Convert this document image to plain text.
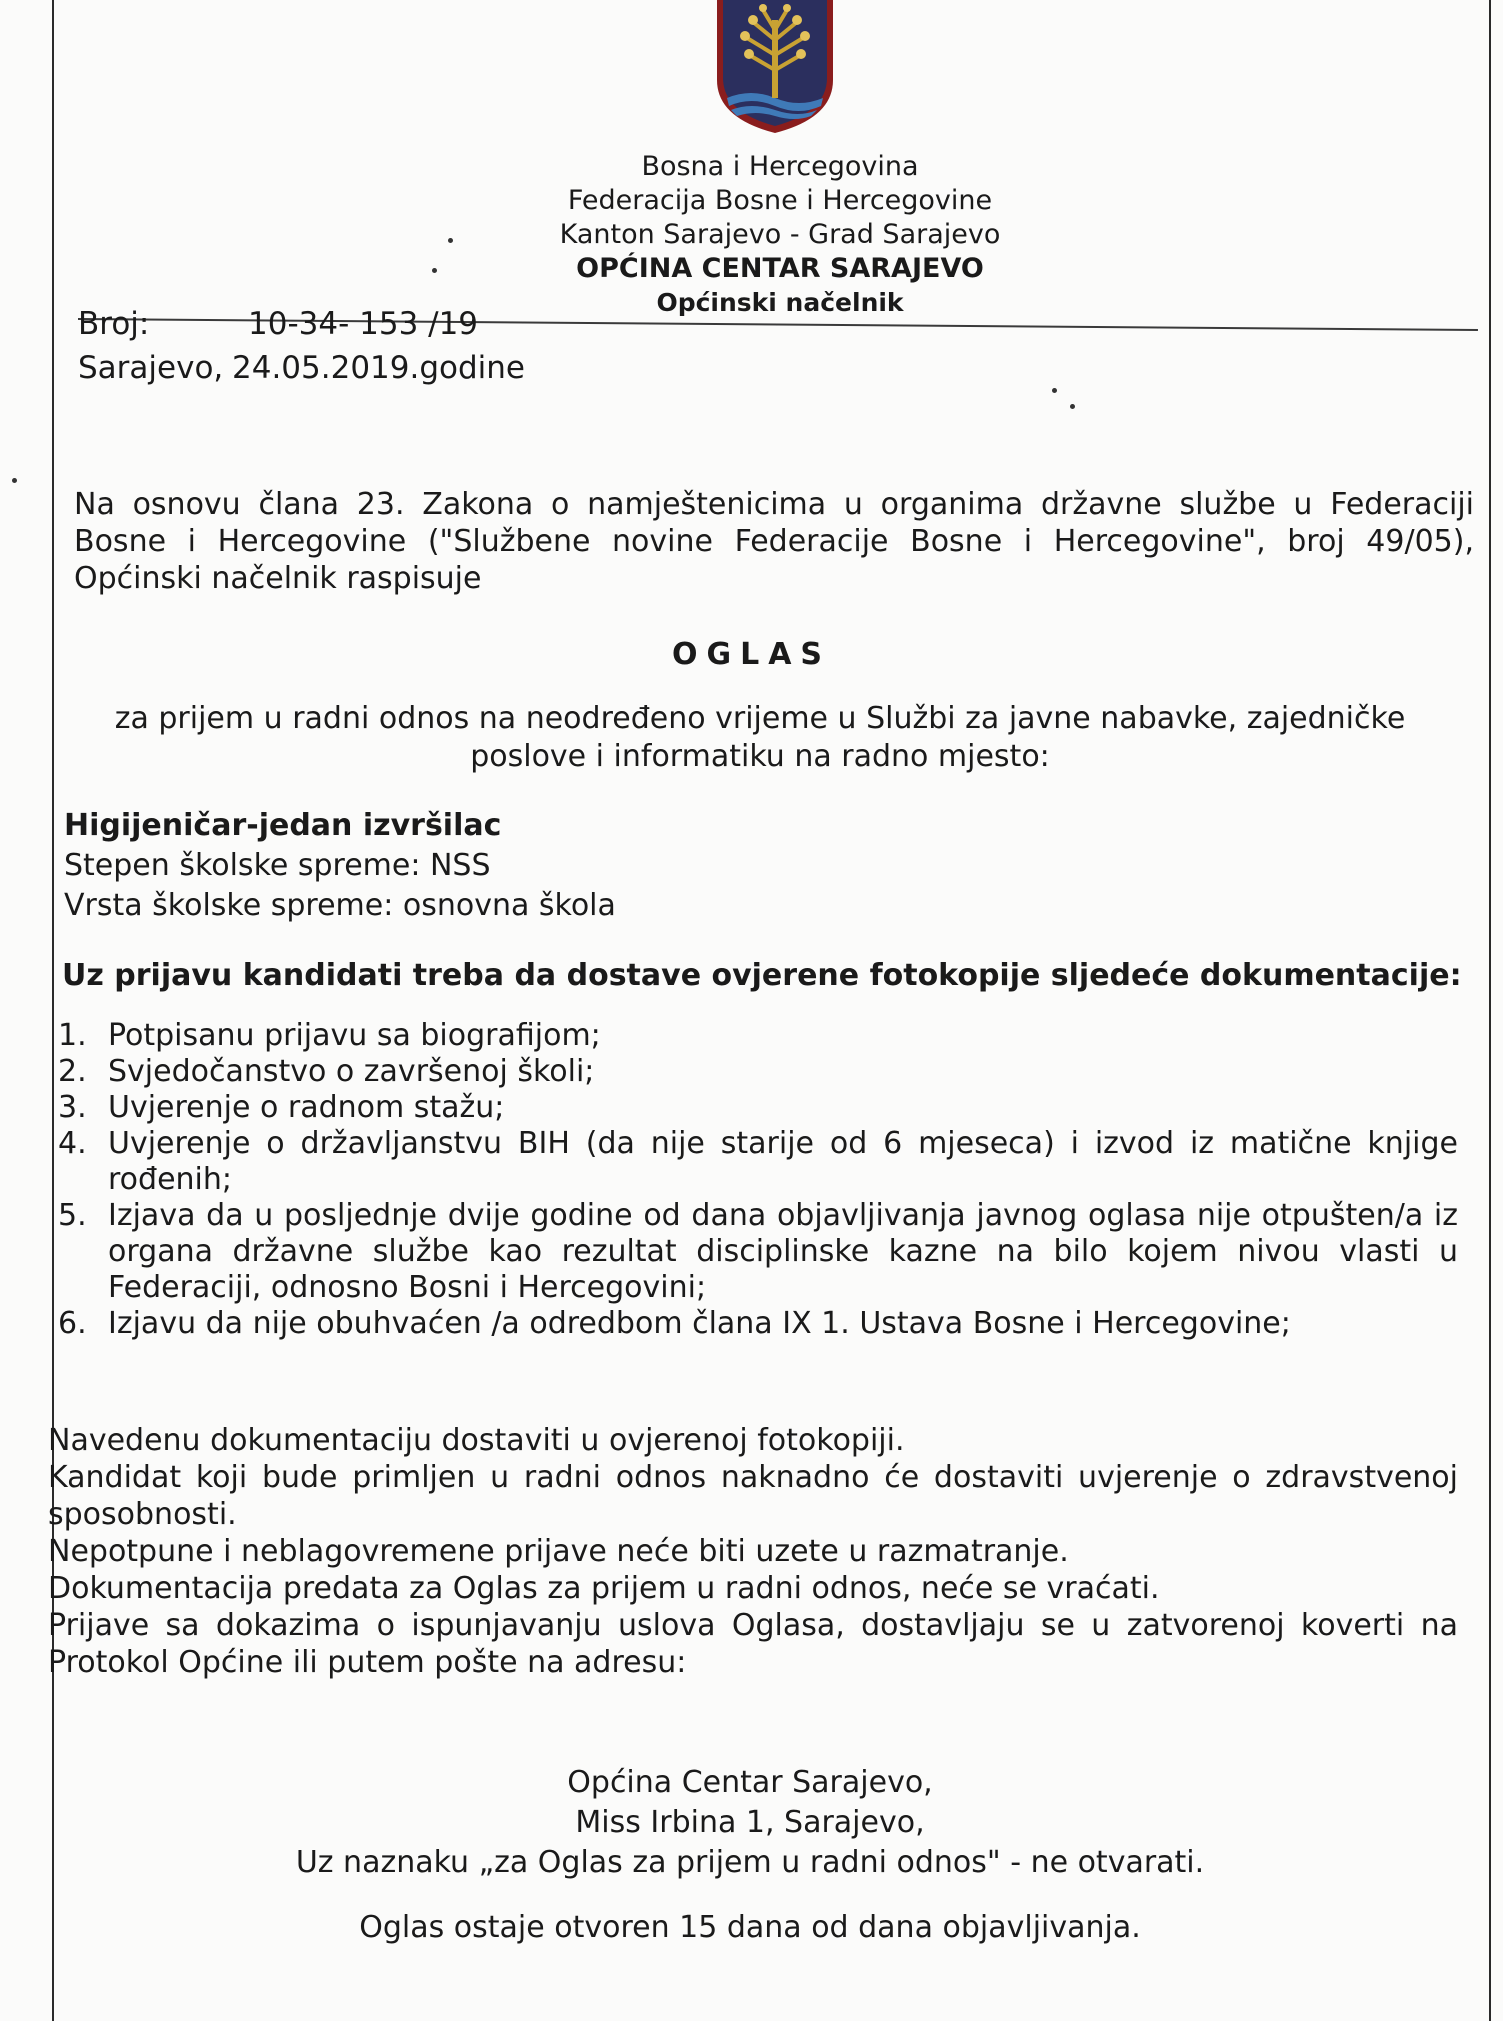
Bosna i Hercegovina
Federacija Bosne i Hercegovine
Kanton Sarajevo - Grad Sarajevo
OPĆINA CENTAR SARAJEVO
Općinski načelnik
Broj:	10-34- 153 /19
Sarajevo, 24.05.2019.godine
Na osnovu člana 23. Zakona o namještenicima u organima državne službe u Federaciji Bosne i Hercegovine ("Službene novine Federacije Bosne i Hercegovine", broj 49/05), Općinski načelnik raspisuje
OGLAS
za prijem u radni odnos na neodređeno vrijeme u Službi za javne nabavke, zajedničke poslove i informatiku na radno mjesto:
Higijeničar-jedan izvršilac
Stepen školske spreme: NSS
Vrsta školske spreme: osnovna škola
Uz prijavu kandidati treba da dostave ovjerene fotokopije sljedeće dokumentacije:
1. Potpisanu prijavu sa biografijom;
2. Svjedočanstvo o završenoj školi;
3. Uvjerenje o radnom stažu;
4. Uvjerenje o državljanstvu BIH (da nije starije od 6 mjeseca) i izvod iz matične knjige rođenih;
5. Izjava da u posljednje dvije godine od dana objavljivanja javnog oglasa nije otpušten/a iz organa državne službe kao rezultat disciplinske kazne na bilo kojem nivou vlasti u Federaciji, odnosno Bosni i Hercegovini;
6. Izjavu da nije obuhvaćen /a odredbom člana IX 1. Ustava Bosne i Hercegovine;
Navedenu dokumentaciju dostaviti u ovjerenoj fotokopiji.
Kandidat koji bude primljen u radni odnos naknadno će dostaviti uvjerenje o zdravstvenoj sposobnosti.
Nepotpune i neblagovremene prijave neće biti uzete u razmatranje.
Dokumentacija predata za Oglas za prijem u radni odnos, neće se vraćati.
Prijave sa dokazima o ispunjavanju uslova Oglasa, dostavljaju se u zatvorenoj koverti na Protokol Općine ili putem pošte na adresu:
Općina Centar Sarajevo,
Miss Irbina 1, Sarajevo,
Uz naznaku „za Oglas za prijem u radni odnos" - ne otvarati.
Oglas ostaje otvoren 15 dana od dana objavljivanja.
